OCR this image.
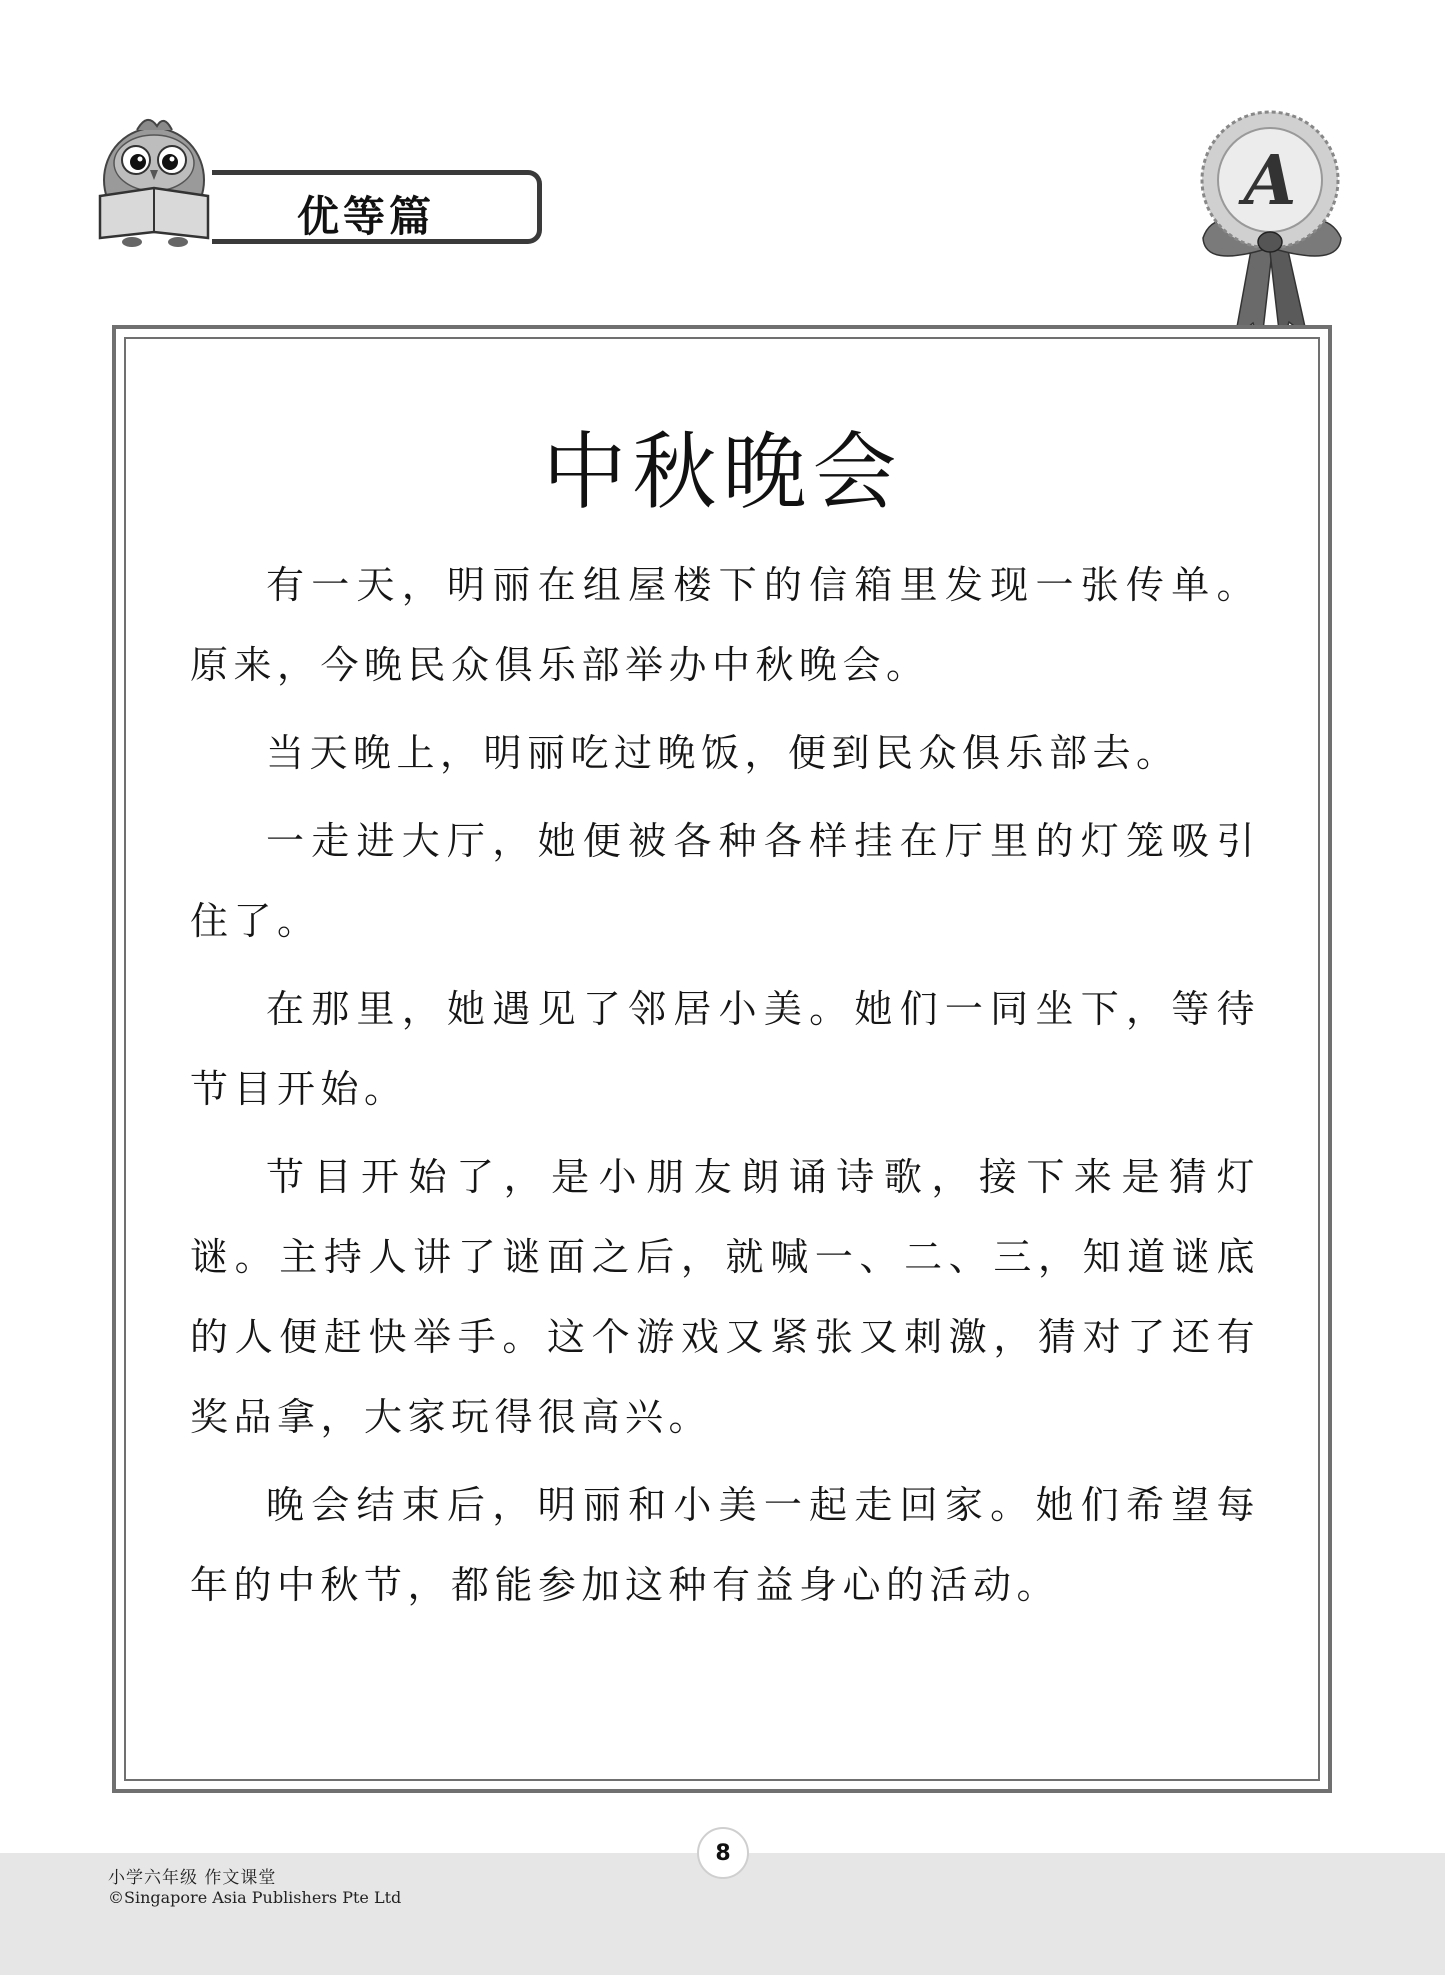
优等篇	A
中秋晚会

有一天，明丽在组屋楼下的信箱里发现一张传单。原来，今晚民众俱乐部举办中秋晚会。

当天晚上，明丽吃过晚饭，便到民众俱乐部去。

一走进大厅，她便被各种各样挂在厅里的灯笼吸引住了。

在那里，她遇见了邻居小美。她们一同坐下，等待节目开始。

节目开始了，是小朋友朗诵诗歌，接下来是猜灯谜。主持人讲了谜面之后，就喊一、二、三，知道谜底的人便赶快举手。这个游戏又紧张又刺激，猜对了还有奖品拿，大家玩得很高兴。

晚会结束后，明丽和小美一起走回家。她们希望每年的中秋节，都能参加这种有益身心的活动。

8
小学六年级 作文课堂
©Singapore Asia Publishers Pte Ltd
